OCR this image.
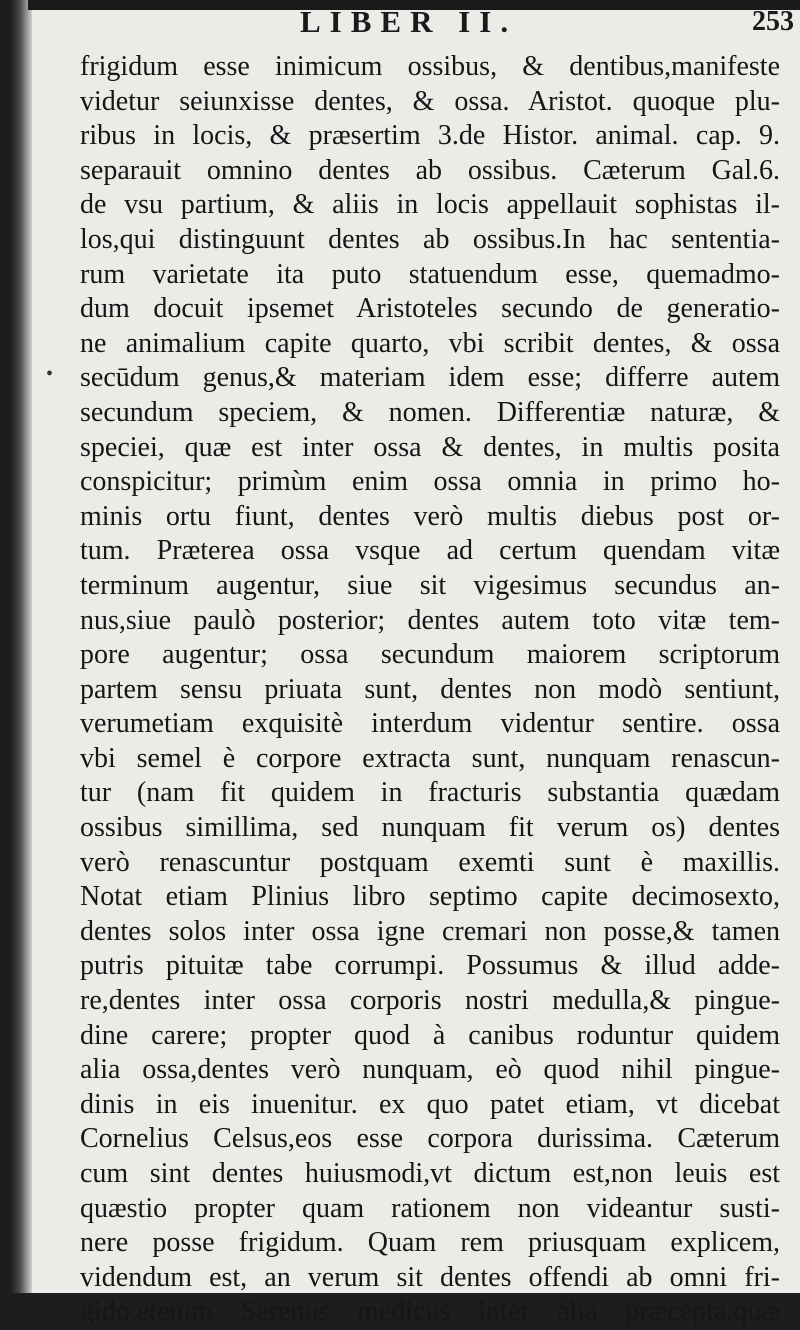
LIBER II.	253
•
frigidum esse inimicum ossibus, & dentibus,manifeste
videtur seiunxisse dentes, & ossa. Aristot. quoque plu-
ribus in locis, & præsertim 3.de Histor. animal. cap. 9.
separauit omnino dentes ab ossibus. Cæterum Gal.6.
de vsu partium, & aliis in locis appellauit sophistas il-
los,qui distinguunt dentes ab ossibus.In hac sententia-
rum varietate ita puto statuendum esse, quemadmo-
dum docuit ipsemet Aristoteles secundo de generatio-
ne animalium capite quarto, vbi scribit dentes, & ossa
secūdum genus,& materiam idem esse; differre autem
secundum speciem, & nomen. Differentiæ naturæ, &
speciei, quæ est inter ossa & dentes, in multis posita
conspicitur; primùm enim ossa omnia in primo ho-
minis ortu fiunt, dentes verò multis diebus post or-
tum. Præterea ossa vsque ad certum quendam vitæ
terminum augentur, siue sit vigesimus secundus an-
nus,siue paulò posterior; dentes autem toto vitæ tem-
pore augentur; ossa secundum maiorem scriptorum
partem sensu priuata sunt, dentes non modò sentiunt,
verumetiam exquisitè interdum videntur sentire. ossa
vbi semel è corpore extracta sunt, nunquam renascun-
tur (nam fit quidem in fracturis substantia quædam
ossibus simillima, sed nunquam fit verum os) dentes
verò renascuntur postquam exemti sunt è maxillis.
Notat etiam Plinius libro septimo capite decimosexto,
dentes solos inter ossa igne cremari non posse,& tamen
putris pituitæ tabe corrumpi. Possumus & illud adde-
re,dentes inter ossa corporis nostri medulla,& pingue-
dine carere; propter quod à canibus roduntur quidem
alia ossa,dentes verò nunquam, eò quod nihil pingue-
dinis in eis inuenitur. ex quo patet etiam, vt dicebat
Cornelius Celsus,eos esse corpora durissima. Cæterum
cum sint dentes huiusmodi,vt dictum est,non leuis est
quæstio propter quam rationem non videantur susti-
nere posse frigidum. Quam rem priusquam explicem,
videndum est, an verum sit dentes offendi ab omni fri-
gido.etenim Serenus medicus inter alia præcepta,quæ
